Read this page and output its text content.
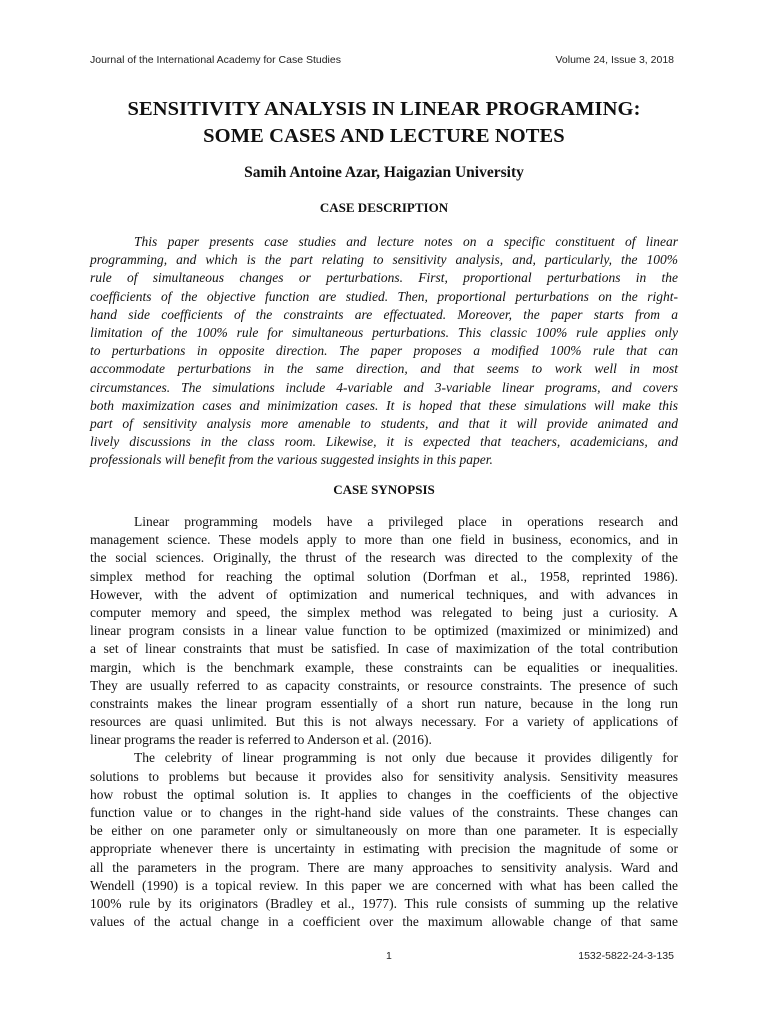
Journal of the International Academy for Case Studies	Volume 24, Issue 3, 2018
SENSITIVITY ANALYSIS IN LINEAR PROGRAMING:
SOME CASES AND LECTURE NOTES
Samih Antoine Azar, Haigazian University
CASE DESCRIPTION
This paper presents case studies and lecture notes on a specific constituent of linear
programming, and which is the part relating to sensitivity analysis, and, particularly, the 100%
rule of simultaneous changes or perturbations. First, proportional perturbations in the
coefficients of the objective function are studied. Then, proportional perturbations on the right-
hand side coefficients of the constraints are effectuated. Moreover, the paper starts from a
limitation of the 100% rule for simultaneous perturbations. This classic 100% rule applies only
to perturbations in opposite direction. The paper proposes a modified 100% rule that can
accommodate perturbations in the same direction, and that seems to work well in most
circumstances. The simulations include 4-variable and 3-variable linear programs, and covers
both maximization cases and minimization cases. It is hoped that these simulations will make this
part of sensitivity analysis more amenable to students, and that it will provide animated and
lively discussions in the class room. Likewise, it is expected that teachers, academicians, and
professionals will benefit from the various suggested insights in this paper.
CASE SYNOPSIS
Linear programming models have a privileged place in operations research and
management science. These models apply to more than one field in business, economics, and in
the social sciences. Originally, the thrust of the research was directed to the complexity of the
simplex method for reaching the optimal solution (Dorfman et al., 1958, reprinted 1986).
However, with the advent of optimization and numerical techniques, and with advances in
computer memory and speed, the simplex method was relegated to being just a curiosity. A
linear program consists in a linear value function to be optimized (maximized or minimized) and
a set of linear constraints that must be satisfied. In case of maximization of the total contribution
margin, which is the benchmark example, these constraints can be equalities or inequalities.
They are usually referred to as capacity constraints, or resource constraints. The presence of such
constraints makes the linear program essentially of a short run nature, because in the long run
resources are quasi unlimited. But this is not always necessary. For a variety of applications of
linear programs the reader is referred to Anderson et al. (2016).
The celebrity of linear programming is not only due because it provides diligently for
solutions to problems but because it provides also for sensitivity analysis. Sensitivity measures
how robust the optimal solution is. It applies to changes in the coefficients of the objective
function value or to changes in the right-hand side values of the constraints. These changes can
be either on one parameter only or simultaneously on more than one parameter. It is especially
appropriate whenever there is uncertainty in estimating with precision the magnitude of some or
all the parameters in the program. There are many approaches to sensitivity analysis. Ward and
Wendell (1990) is a topical review. In this paper we are concerned with what has been called the
100% rule by its originators (Bradley et al., 1977). This rule consists of summing up the relative
values of the actual change in a coefficient over the maximum allowable change of that same
1	1532-5822-24-3-135
